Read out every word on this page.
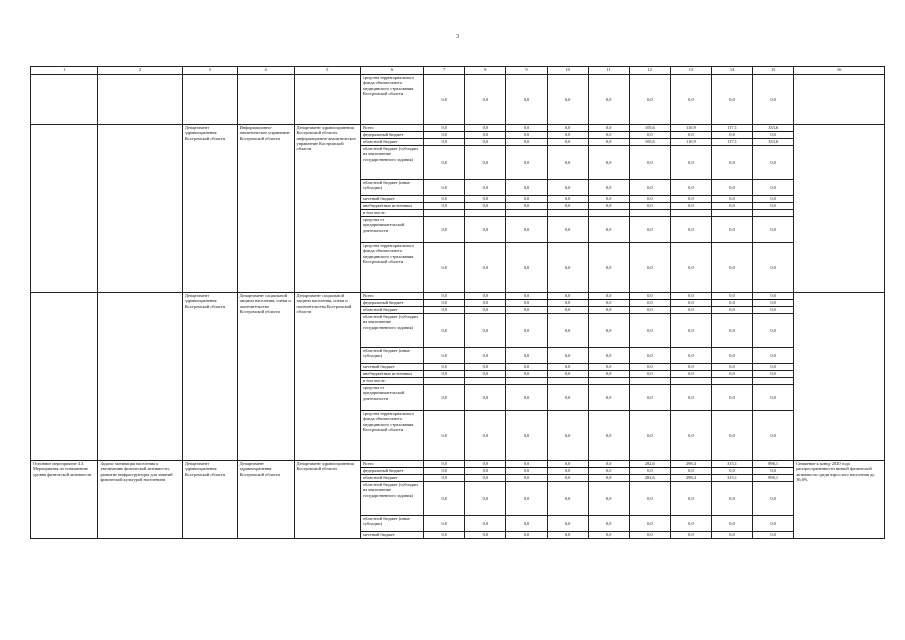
3
1	2	3	4	5	6	7	8	9	10	11	12	13	14	15	16
					средства территориального фонда обязательного медицинского страхования Костромской области	0,0	0,0	0,0	0,0	0,0	0,0	0,0	0,0	0,0	
		Департамент здравоохранения Костромской области	Информационно-аналитическое управление Костромской области	Департамент здравоохранения Костромской области, информационно-аналитическое управление Костромской области	Всего	0,0	0,0	0,0	0,0	0,0	105,6	110,9	117,1	333,6	
					федеральный бюджет	0,0	0,0	0,0	0,0	0,0	0,0	0,0	0,0	0,0	
					областной бюджет	0,0	0,0	0,0	0,0	0,0	105,6	110,9	117,1	333,6	
					областной бюджет (субсидии на выполнение государственного задания)	0,0	0,0	0,0	0,0	0,0	0,0	0,0	0,0	0,0	
					областной бюджет (иные субсидии)	0,0	0,0	0,0	0,0	0,0	0,0	0,0	0,0	0,0	
					местный бюджет	0,0	0,0	0,0	0,0	0,0	0,0	0,0	0,0	0,0	
					внебюджетные источники	0,0	0,0	0,0	0,0	0,0	0,0	0,0	0,0	0,0	
					в том числе:										
					средства от предпринимательской деятельности	0,0	0,0	0,0	0,0	0,0	0,0	0,0	0,0	0,0	
					средства территориального фонда обязательного медицинского страхования Костромской области	0,0	0,0	0,0	0,0	0,0	0,0	0,0	0,0	0,0	
		Департамент здравоохранения Костромской области	Департамент социальной защиты населения, опеки и попечительства Костромской области	Департамент социальной защиты населения, опеки и попечительства Костромской области	Всего	0,0	0,0	0,0	0,0	0,0	0,0	0,0	0,0	0,0	
					федеральный бюджет	0,0	0,0	0,0	0,0	0,0	0,0	0,0	0,0	0,0	
					областной бюджет	0,0	0,0	0,0	0,0	0,0	0,0	0,0	0,0	0,0	
					областной бюджет (субсидии на выполнение государственного задания)	0,0	0,0	0,0	0,0	0,0	0,0	0,0	0,0	0,0	
					областной бюджет (иные субсидии)	0,0	0,0	0,0	0,0	0,0	0,0	0,0	0,0	0,0	
					местный бюджет	0,0	0,0	0,0	0,0	0,0	0,0	0,0	0,0	0,0	
					внебюджетные источники	0,0	0,0	0,0	0,0	0,0	0,0	0,0	0,0	0,0	
					в том числе:										
					средства от предпринимательской деятельности	0,0	0,0	0,0	0,0	0,0	0,0	0,0	0,0	0,0	
					средства территориального фонда обязательного медицинского страхования Костромской области	0,0	0,0	0,0	0,0	0,0	0,0	0,0	0,0	0,0	
Основное мероприятие 4.3. Мероприятия по повышению уровня физической активности	Задача: мотивация населения к увеличению физической активности, развитие инфраструктуры для занятий физической культурой населением	Департамент здравоохранения Костромской области	Департамент здравоохранения Костромской области	Департамент здравоохранения Костромской области	Всего	0,0	0,0	0,0	0,0	0,0	282,6	298,4	315,1	896,1	Снижение к концу 2020 года распространенности низкой физической активности среди взрослого населения до 36,0%
					федеральный бюджет	0,0	0,0	0,0	0,0	0,0	0,0	0,0	0,0	0,0	
					областной бюджет	0,0	0,0	0,0	0,0	0,0	282,6	298,4	315,1	896,1	
					областной бюджет (субсидии на выполнение государственного задания)	0,0	0,0	0,0	0,0	0,0	0,0	0,0	0,0	0,0	
					областной бюджет (иные субсидии)	0,0	0,0	0,0	0,0	0,0	0,0	0,0	0,0	0,0	
					местный бюджет	0,0	0,0	0,0	0,0	0,0	0,0	0,0	0,0	0,0	
